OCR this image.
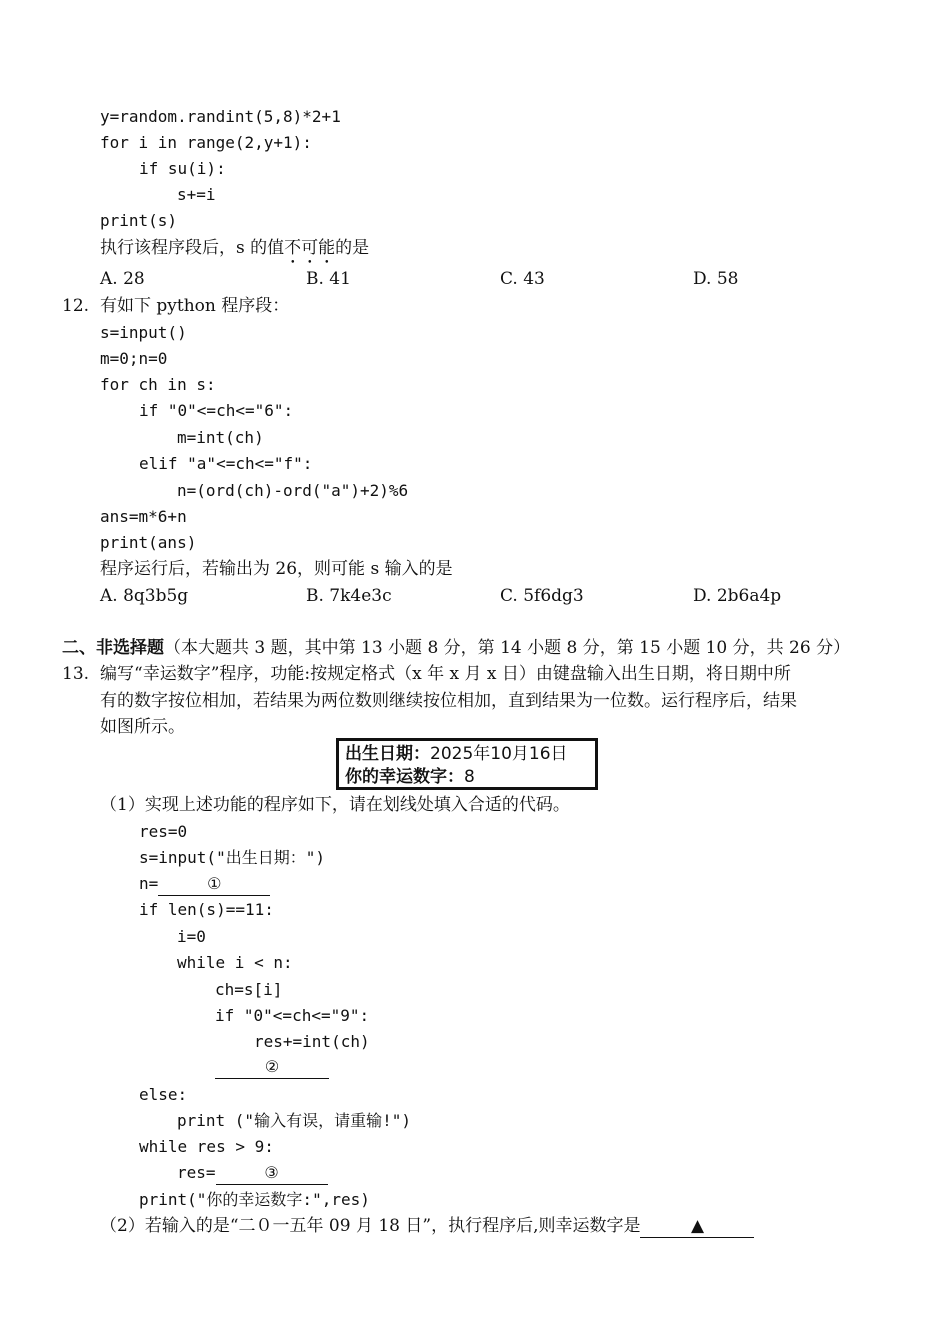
y=random.randint(5,8)*2+1
for i in range(2,y+1):
if su(i):
s+=i
print(s)
执行该程序段后，s 的值不可能的是
A. 28	B. 41	C. 43	D. 58
12. 有如下 python 程序段：
s=input()
m=0;n=0
for ch in s:
if "0"<=ch<="6":
m=int(ch)
elif "a"<=ch<="f":
n=(ord(ch)-ord("a")+2)%6
ans=m*6+n
print(ans)
程序运行后，若输出为 26，则可能 s 输入的是
A. 8q3b5g	B. 7k4e3c	C. 5f6dg3	D. 2b6a4p
二、非选择题（本大题共 3 题，其中第 13 小题 8 分，第 14 小题 8 分，第 15 小题 10 分，共 26 分）
13. 编写“幸运数字”程序，功能:按规定格式（x 年 x 月 x 日）由键盘输入出生日期，将日期中所
有的数字按位相加，若结果为两位数则继续按位相加，直到结果为一位数。运行程序后，结果
如图所示。
出生日期：2025年10月16日
你的幸运数字：8
（1）实现上述功能的程序如下，请在划线处填入合适的代码。
res=0
s=input("出生日期：")
n=	①
if len(s)==11:
i=0
while i < n:
ch=s[i]
if "0"<=ch<="9":
res+=int(ch)
②
else:
print ("输入有误，请重输!")
while res > 9:
res=	③
print("你的幸运数字:",res)
（2）若输入的是“二０一五年 09 月 18 日”，执行程序后,则幸运数字是	▲
